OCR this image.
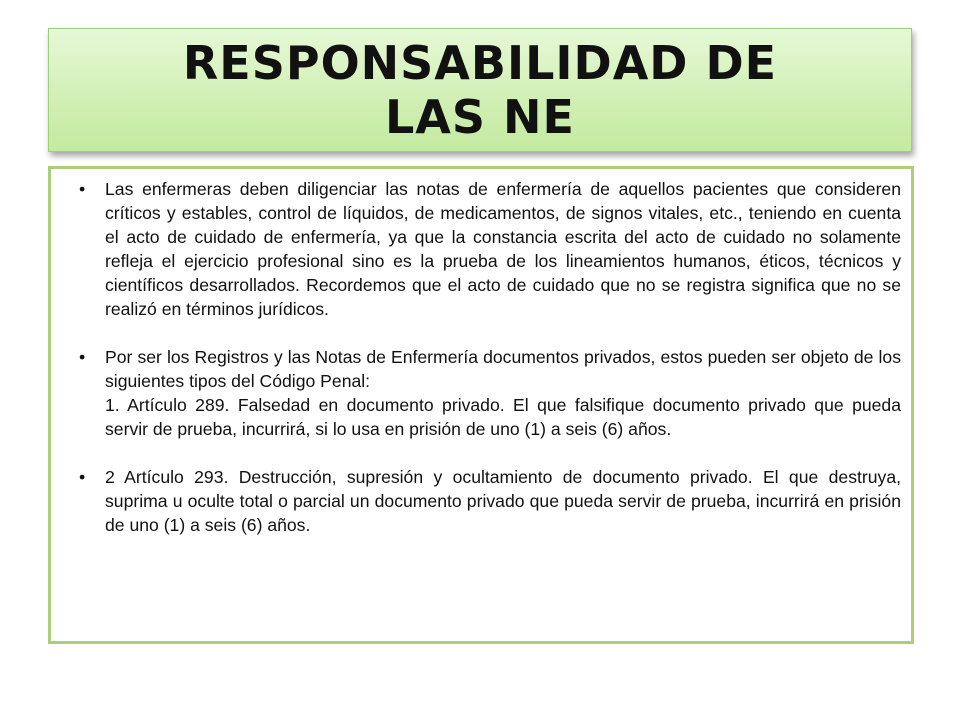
RESPONSABILIDAD DE LAS NE
• Las enfermeras deben diligenciar las notas de enfermería de aquellos pacientes que consideren críticos y estables, control de líquidos, de medicamentos, de signos vitales, etc., teniendo en cuenta el acto de cuidado de enfermería, ya que la constancia escrita del acto de cuidado no solamente refleja el ejercicio profesional sino es la prueba de los lineamientos humanos, éticos, técnicos y científicos desarrollados. Recordemos que el acto de cuidado que no se registra significa que no se realizó en términos jurídicos.
• Por ser los Registros y las Notas de Enfermería documentos privados, estos pueden ser objeto de los siguientes tipos del Código Penal:
1. Artículo 289. Falsedad en documento privado. El que falsifique documento privado que pueda servir de prueba, incurrirá, si lo usa en prisión de uno (1) a seis (6) años.
• 2 Artículo 293. Destrucción, supresión y ocultamiento de documento privado. El que destruya, suprima u oculte total o parcial un documento privado que pueda servir de prueba, incurrirá en prisión de uno (1) a seis (6) años.
